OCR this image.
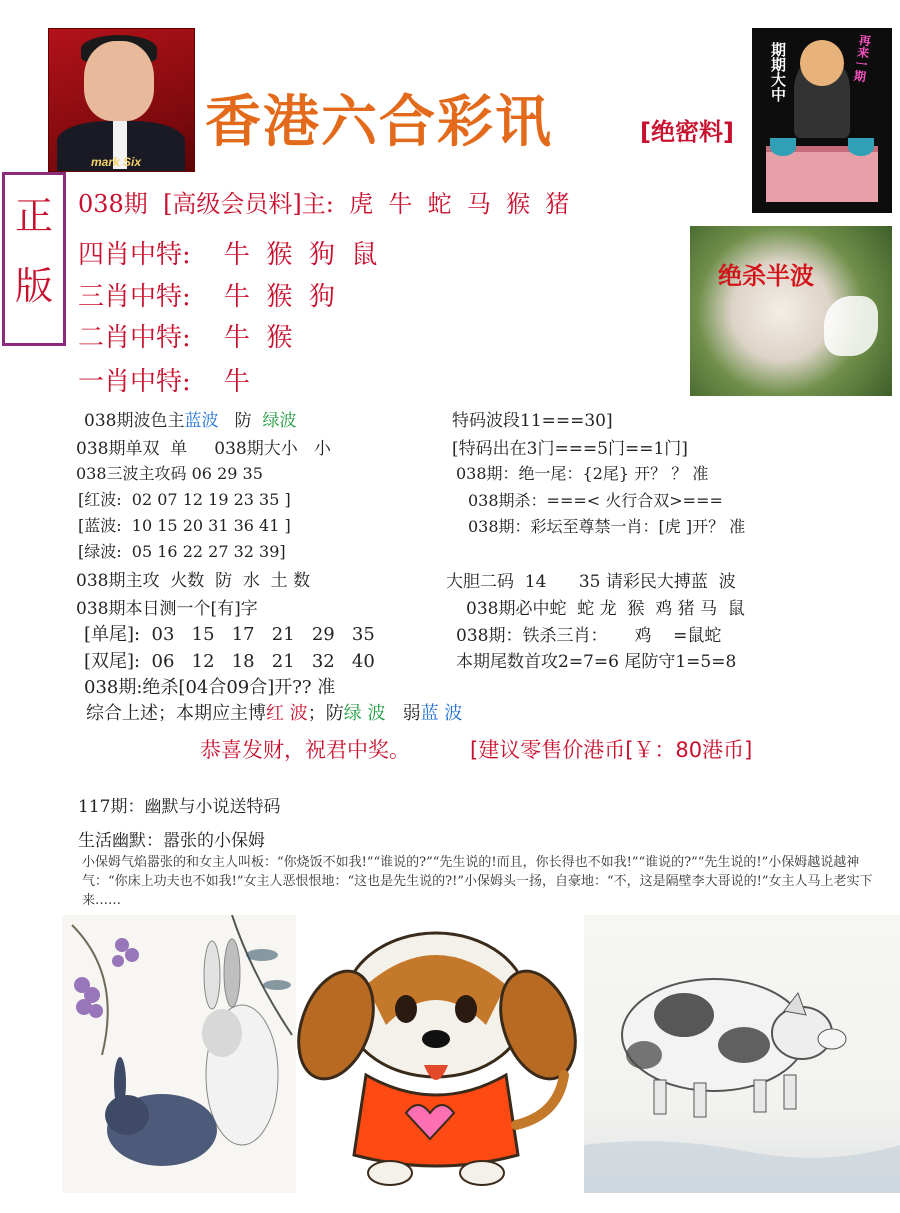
mark Six
香港六合彩讯	[绝密料]
期期大中	再来一期
正
版
038期  [高级会员料]主:  虎  牛  蛇  马  猴  猪
四肖中特:    牛  猴  狗  鼠
三肖中特:    牛  猴  狗
二肖中特:    牛  猴
一肖中特:    牛
绝杀半波
038期波色主蓝波   防  绿波
038期单双  单     038期大小   小
038三波主攻码 06 29 35
[红波:  02 07 12 19 23 35 ]
[蓝波:  10 15 20 31 36 41 ]
[绿波:  05 16 22 27 32 39]
038期主攻  火数  防  水  土 数
038期本日测一个[有]字
[单尾]:  03   15   17   21   29   35
[双尾]:  06   12   18   21   32   40
038期:绝杀[04合09合]开?? 准
综合上述；本期应主博红 波；防绿 波   弱蓝 波
特码波段11===30]
[特码出在3门===5门==1门]
038期：绝一尾：{2尾} 开？ ？ 准
038期杀：===< 火行合双>===
038期：彩坛至尊禁一肖：[虎 ]开？ 准
大胆二码  14      35 请彩民大搏蓝  波
038期必中蛇  蛇 龙  猴  鸡 猪 马  鼠
038期：铁杀三肖：     鸡    =鼠蛇
本期尾数首攻2=7=6 尾防守1=5=8
恭喜发财，祝君中奖。	[建议零售价港币[￥：80港币]
117期：幽默与小说送特码
生活幽默：嚣张的小保姆
小保姆气焰嚣张的和女主人叫板：“你烧饭不如我!”“谁说的?”“先生说的!而且，你长得也不如我!”“谁说的?”“先生说的!”小保姆越说越神气：“你床上功夫也不如我!”女主人恶恨恨地：“这也是先生说的?!”小保姆头一扬，自豪地：“不，这是隔壁李大哥说的!”女主人马上老实下来……
